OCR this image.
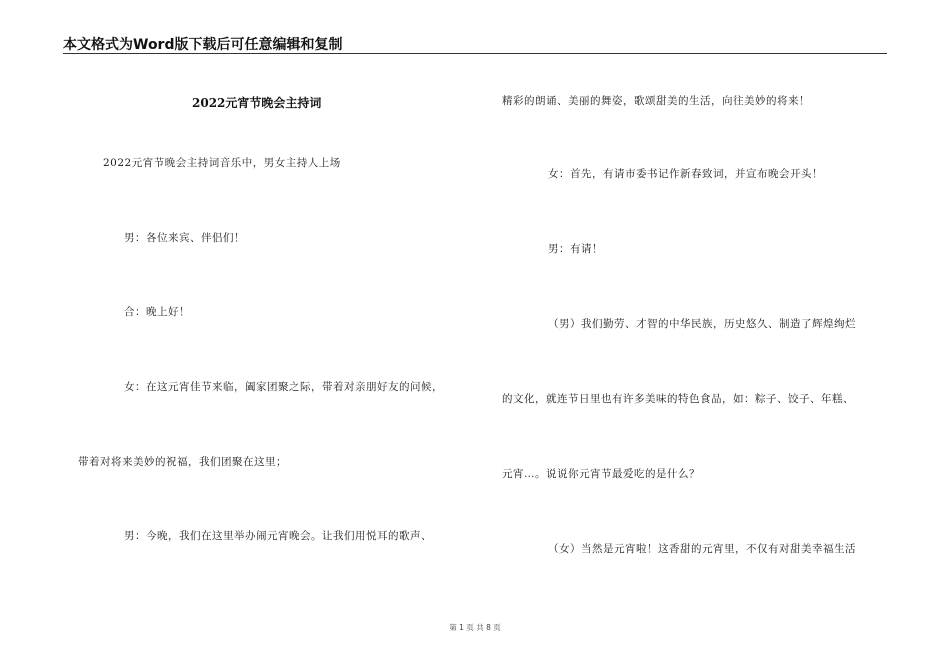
本文格式为Word版下载后可任意编辑和复制
2022元宵节晚会主持词
2022元宵节晚会主持词音乐中，男女主持人上场
男：各位来宾、伴侣们！
合：晚上好！
女：在这元宵佳节来临，阖家团聚之际，带着对亲朋好友的问候，
带着对将来美妙的祝福，我们团聚在这里；
男：今晚，我们在这里举办闹元宵晚会。让我们用悦耳的歌声、
精彩的朗诵、美丽的舞姿，歌颂甜美的生活，向往美妙的将来！
女：首先，有请市委书记作新春致词，并宣布晚会开头！
男：有请！
（男）我们勤劳、才智的中华民族，历史悠久、制造了辉煌绚烂
的文化，就连节日里也有许多美味的特色食品，如：粽子、饺子、年糕、
元宵…。说说你元宵节最爱吃的是什么？
（女）当然是元宵啦！这香甜的元宵里，不仅有对甜美幸福生活
第 1 页 共 8 页
